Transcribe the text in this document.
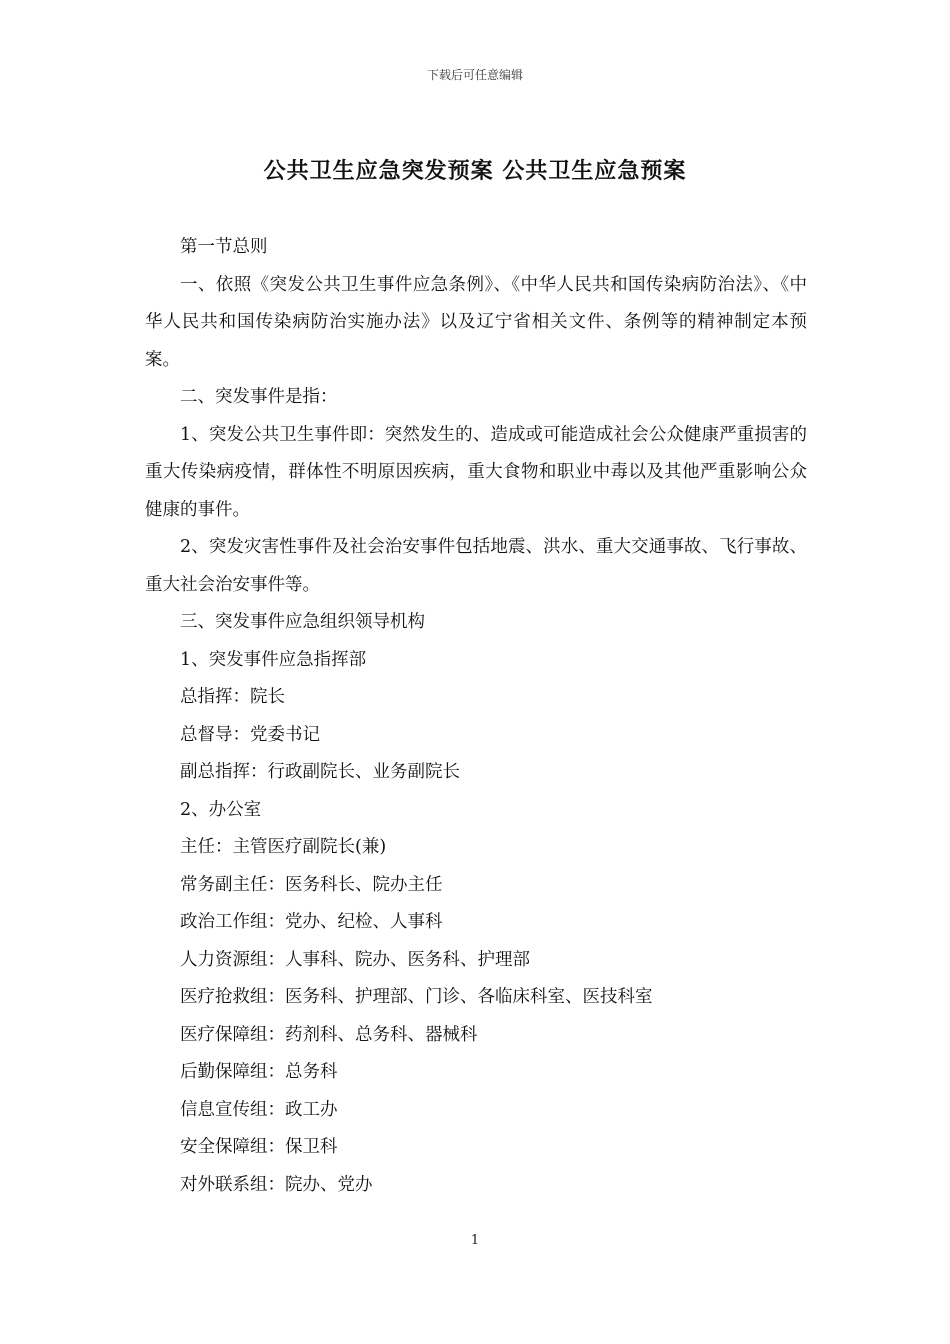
下载后可任意编辑
公共卫生应急突发预案 公共卫生应急预案

第一节总则

一、依照《突发公共卫生事件应急条例》、《中华人民共和国传染病防治法》、《中华人民共和国传染病防治实施办法》以及辽宁省相关文件、条例等的精神制定本预案。

二、突发事件是指：

1、突发公共卫生事件即：突然发生的、造成或可能造成社会公众健康严重损害的重大传染病疫情，群体性不明原因疾病，重大食物和职业中毒以及其他严重影响公众健康的事件。

2、突发灾害性事件及社会治安事件包括地震、洪水、重大交通事故、飞行事故、重大社会治安事件等。

三、突发事件应急组织领导机构

1、突发事件应急指挥部

总指挥：院长

总督导：党委书记

副总指挥：行政副院长、业务副院长

2、办公室

主任：主管医疗副院长(兼)

常务副主任：医务科长、院办主任

政治工作组：党办、纪检、人事科

人力资源组：人事科、院办、医务科、护理部

医疗抢救组：医务科、护理部、门诊、各临床科室、医技科室

医疗保障组：药剂科、总务科、器械科

后勤保障组：总务科

信息宣传组：政工办

安全保障组：保卫科

对外联系组：院办、党办

1
